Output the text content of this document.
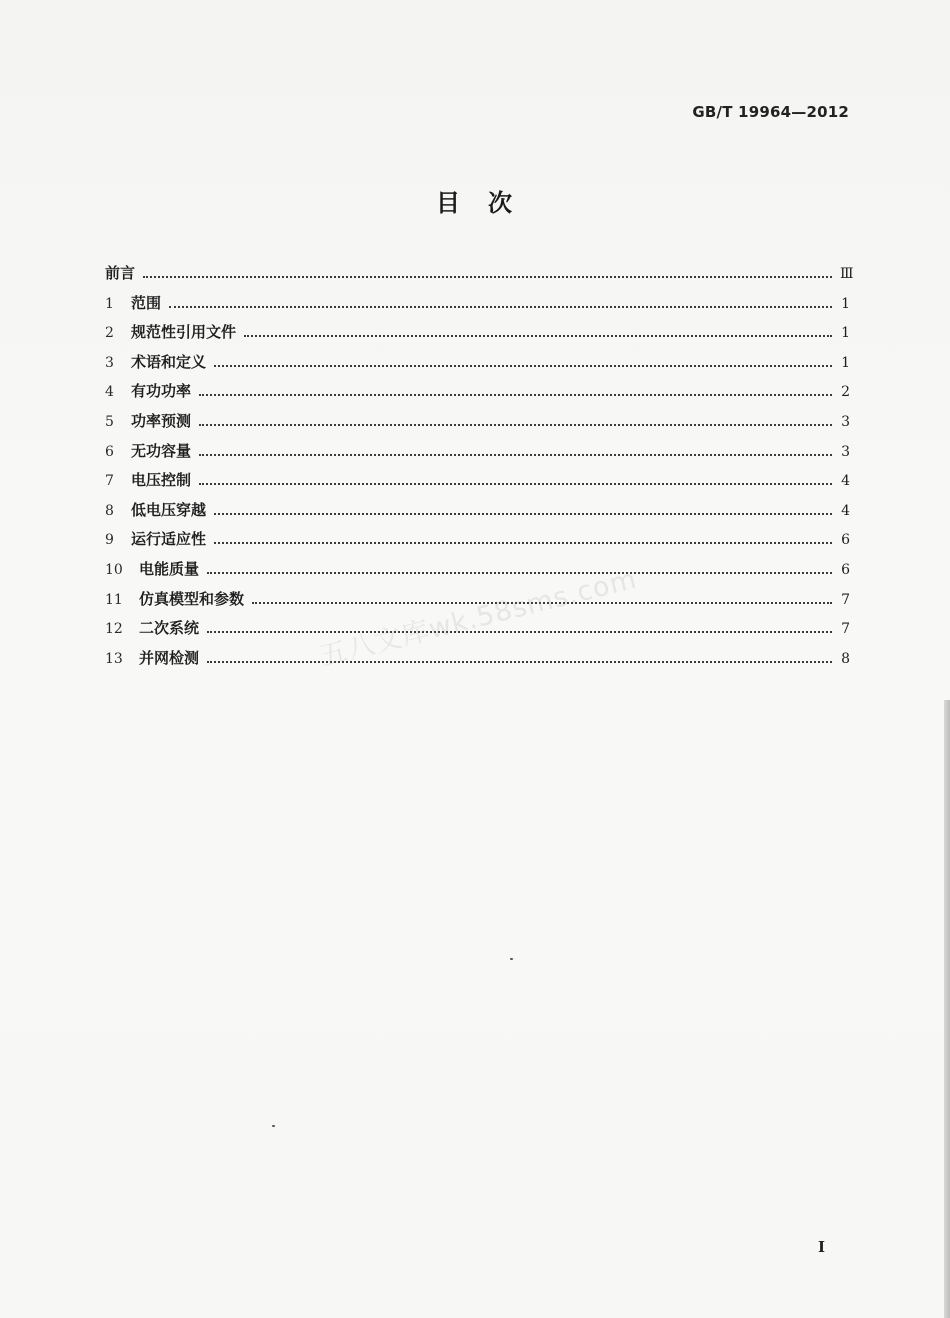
GB/T 19964—2012
目　次
前言	Ⅲ
1	范围	1
2	规范性引用文件	1
3	术语和定义	1
4	有功功率	2
5	功率预测	3
6	无功容量	3
7	电压控制	4
8	低电压穿越	4
9	运行适应性	6
10	电能质量	6
11	仿真模型和参数	7
12	二次系统	7
13	并网检测	8
五八文库wk.58sms.com
I
